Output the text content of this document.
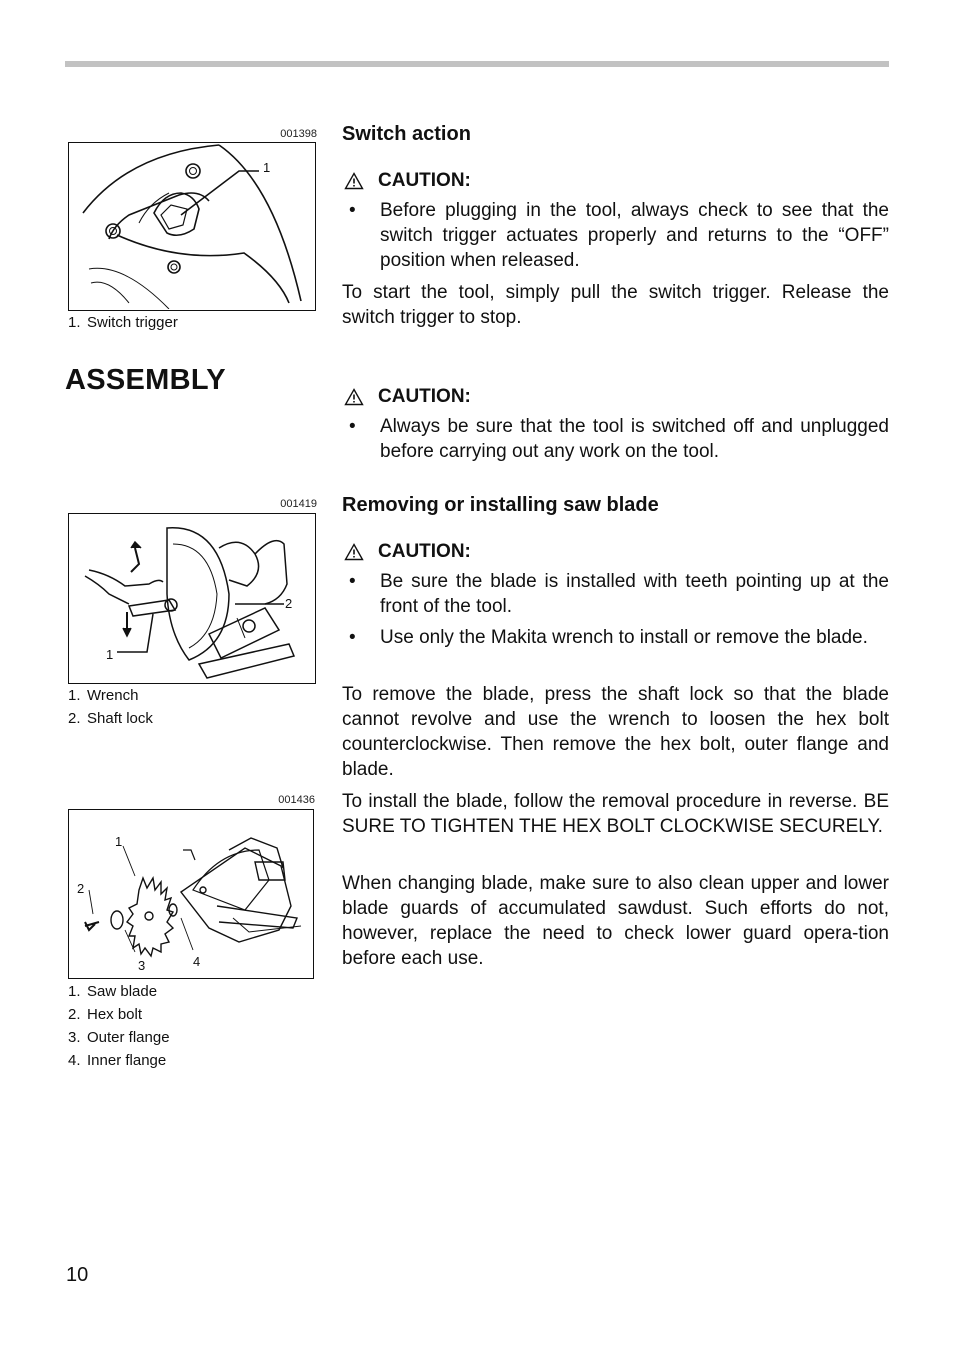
001398
1
1. Switch trigger
ASSEMBLY
001419
2
1
1. Wrench
2. Shaft lock
001436
1
2
3	4
1. Saw blade
2. Hex bolt
3. Outer flange
4. Inner flange
Switch action
CAUTION:
•	Before plugging in the tool, always check to see that the switch trigger actuates properly and returns to the “OFF” position when released.
To start the tool, simply pull the switch trigger. Release the switch trigger to stop.
CAUTION:
•	Always be sure that the tool is switched off and unplugged before carrying out any work on the tool.
Removing or installing saw blade
CAUTION:
•	Be sure the blade is installed with teeth pointing up at the front of the tool.
•	Use only the Makita wrench to install or remove the blade.
To remove the blade, press the shaft lock so that the blade cannot revolve and use the wrench to loosen the hex bolt counterclockwise. Then remove the hex bolt, outer flange and blade.
To install the blade, follow the removal procedure in reverse. BE SURE TO TIGHTEN THE HEX BOLT CLOCKWISE SECURELY.
When changing blade, make sure to also clean upper and lower blade guards of accumulated sawdust. Such efforts do not, however, replace the need to check lower guard opera-tion before each use.
10
